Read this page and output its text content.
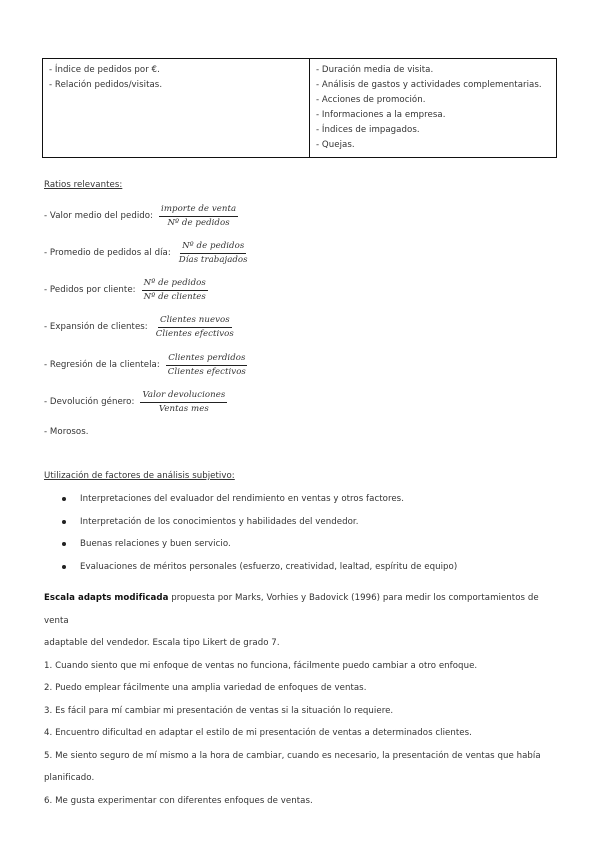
- Índice de pedidos por €.
- Relación pedidos/visitas.

- Duración media de visita.
- Análisis de gastos y actividades complementarias.
- Acciones de promoción.
- Informaciones a la empresa.
- Índices de impagados.
- Quejas.
Ratios relevantes:
- Valor medio del pedido: $\frac{\text{importe de venta}}{\text{Nº de pedidos}}$
- Promedio de pedidos al día: $\frac{\text{Nº de pedidos}}{\text{Días trabajados}}$
- Pedidos por cliente: $\frac{\text{Nº de pedidos}}{\text{Nº de clientes}}$
- Expansión de clientes: $\frac{\text{Clientes nuevos}}{\text{Clientes efectivos}}$
- Regresión de la clientela: $\frac{\text{Clientes perdidos}}{\text{Clientes efectivos}}$
- Devolución género: $\frac{\text{Valor devoluciones}}{\text{Ventas mes}}$
- Morosos.
Utilización de factores de análisis subjetivo:
Interpretaciones del evaluador del rendimiento en ventas y otros factores.
Interpretación de los conocimientos y habilidades del vendedor.
Buenas relaciones y buen servicio.
Evaluaciones de méritos personales (esfuerzo, creatividad, lealtad, espíritu de equipo)
Escala adapts modificada propuesta por Marks, Vorhies y Badovick (1996) para medir los comportamientos de venta
adaptable del vendedor. Escala tipo Likert de grado 7.
1. Cuando siento que mi enfoque de ventas no funciona, fácilmente puedo cambiar a otro enfoque.
2. Puedo emplear fácilmente una amplia variedad de enfoques de ventas.
3. Es fácil para mí cambiar mi presentación de ventas si la situación lo requiere.
4. Encuentro dificultad en adaptar el estilo de mi presentación de ventas a determinados clientes.
5. Me siento seguro de mí mismo a la hora de cambiar, cuando es necesario, la presentación de ventas que había
planificado.
6. Me gusta experimentar con diferentes enfoques de ventas.
